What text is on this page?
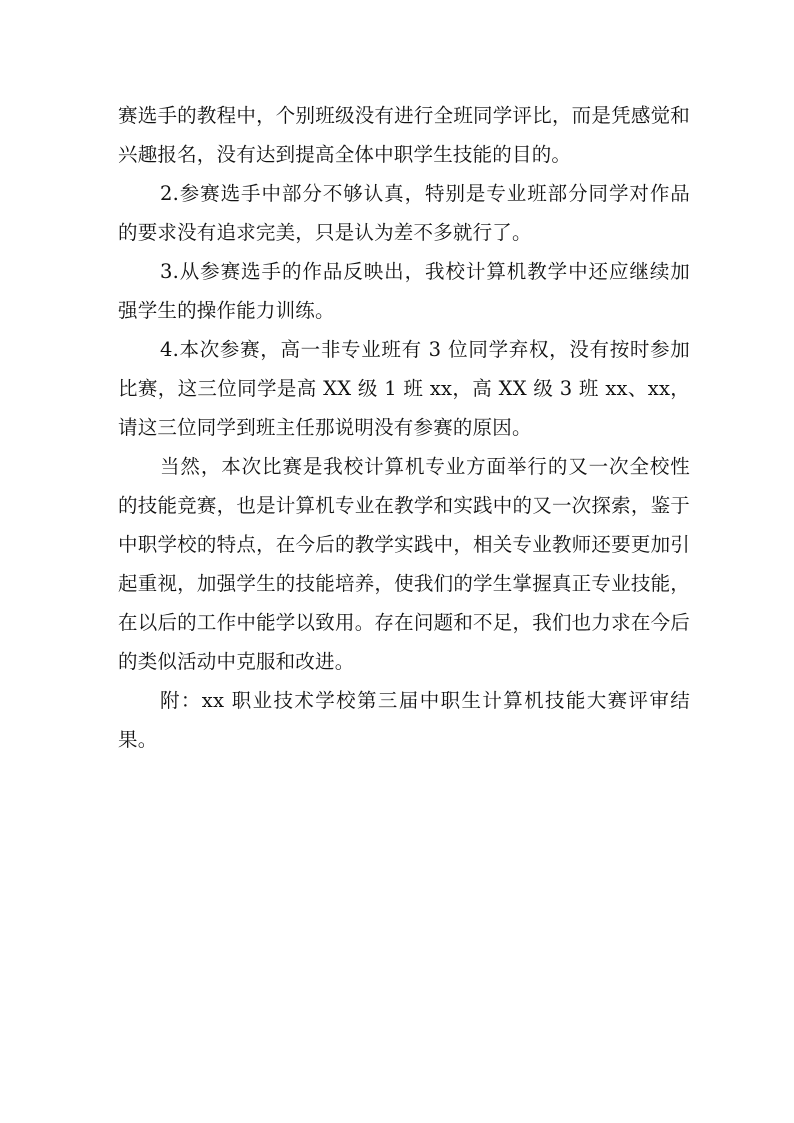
赛选手的教程中，个别班级没有进行全班同学评比，而是凭感觉和兴趣报名，没有达到提高全体中职学生技能的目的。

2.参赛选手中部分不够认真，特别是专业班部分同学对作品的要求没有追求完美，只是认为差不多就行了。

3.从参赛选手的作品反映出，我校计算机教学中还应继续加强学生的操作能力训练。

4.本次参赛，高一非专业班有 3 位同学弃权，没有按时参加比赛，这三位同学是高 XX 级 1 班 xx，高 XX 级 3 班 xx、xx，请这三位同学到班主任那说明没有参赛的原因。

当然，本次比赛是我校计算机专业方面举行的又一次全校性的技能竞赛，也是计算机专业在教学和实践中的又一次探索，鉴于中职学校的特点，在今后的教学实践中，相关专业教师还要更加引起重视，加强学生的技能培养，使我们的学生掌握真正专业技能，在以后的工作中能学以致用。存在问题和不足，我们也力求在今后的类似活动中克服和改进。

附：xx 职业技术学校第三届中职生计算机技能大赛评审结果。
